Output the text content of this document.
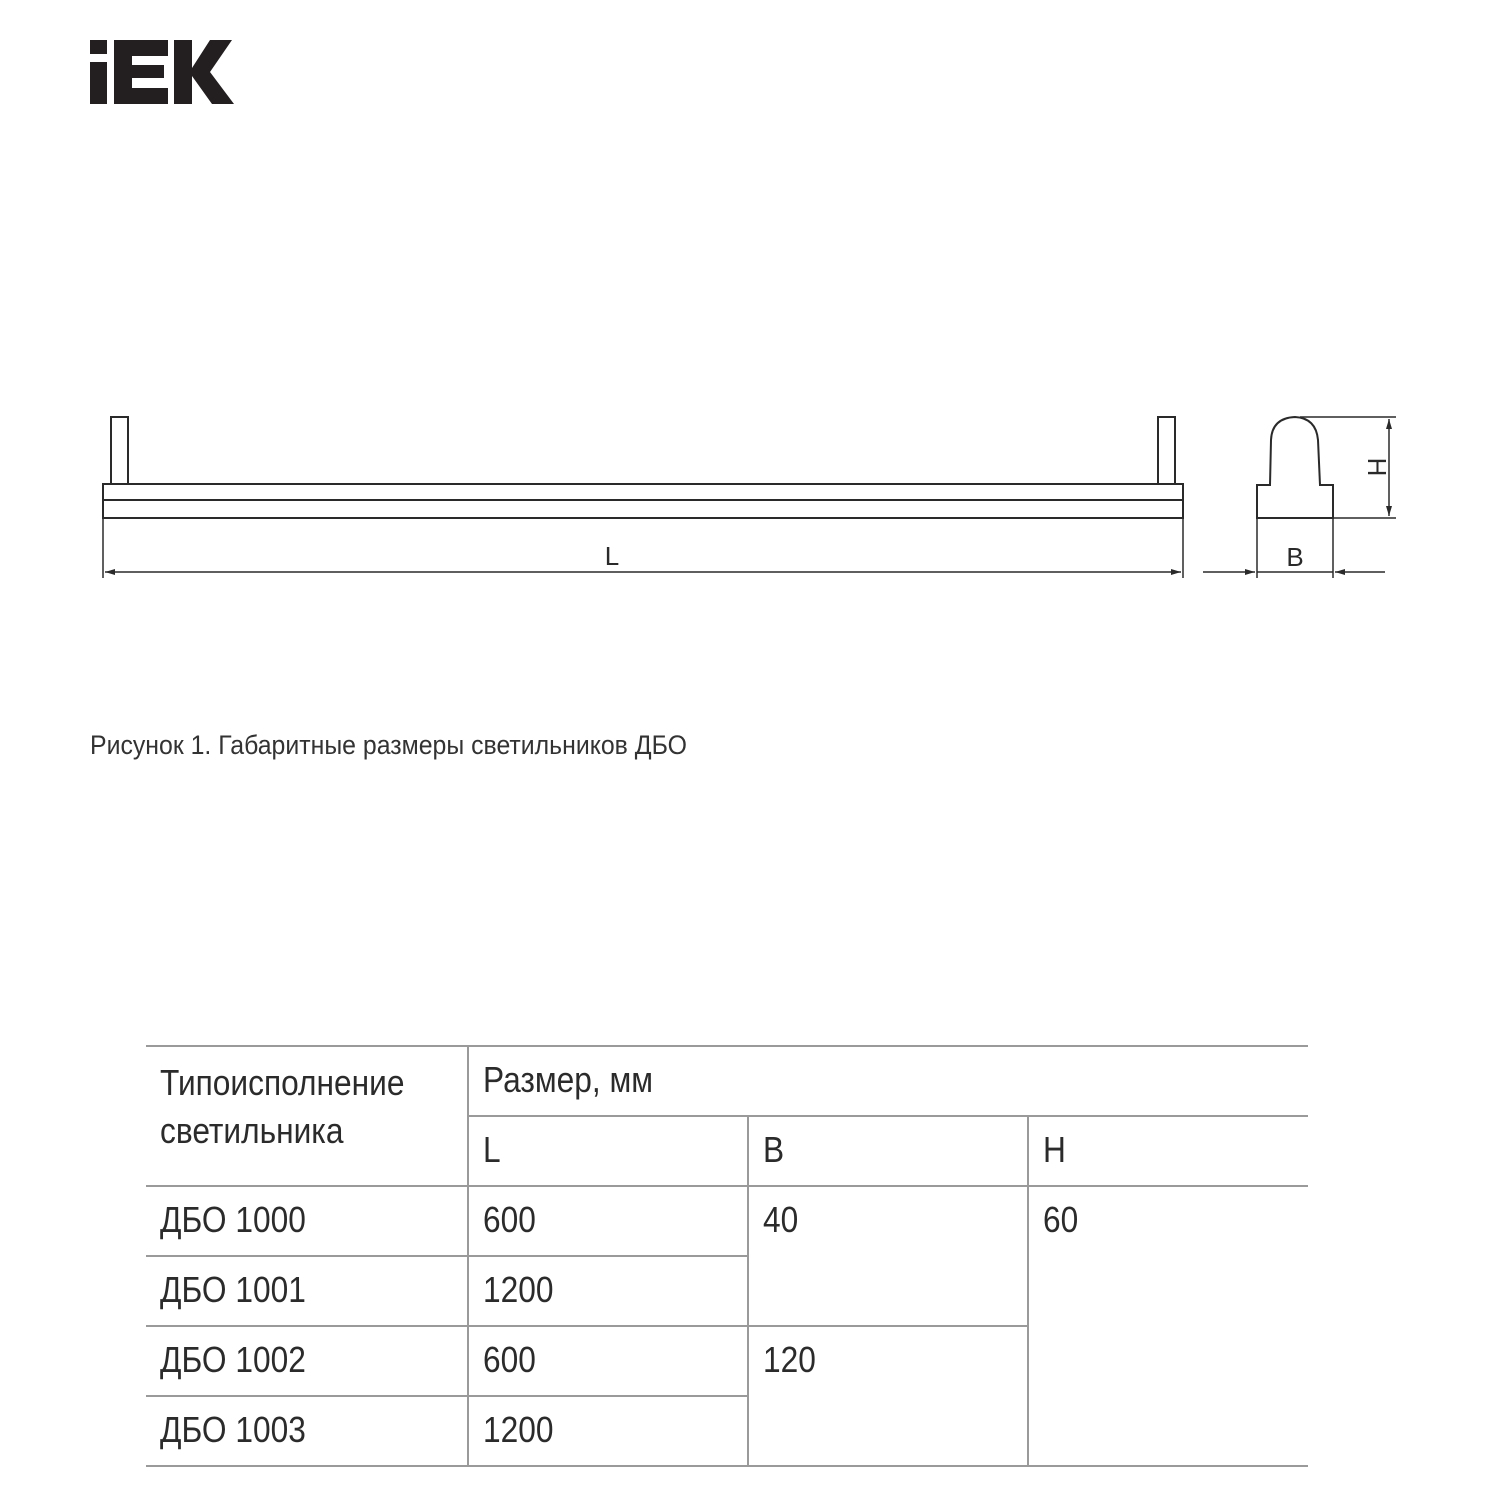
L	B
H
Рисунок 1. Габаритные размеры светильников ДБО
Типоисполнение
светильника	Размер, мм		
	L	B	H
ДБО 1000	600	40	60
ДБО 1001	1200		
ДБО 1002	600	120	
ДБО 1003	1200		
